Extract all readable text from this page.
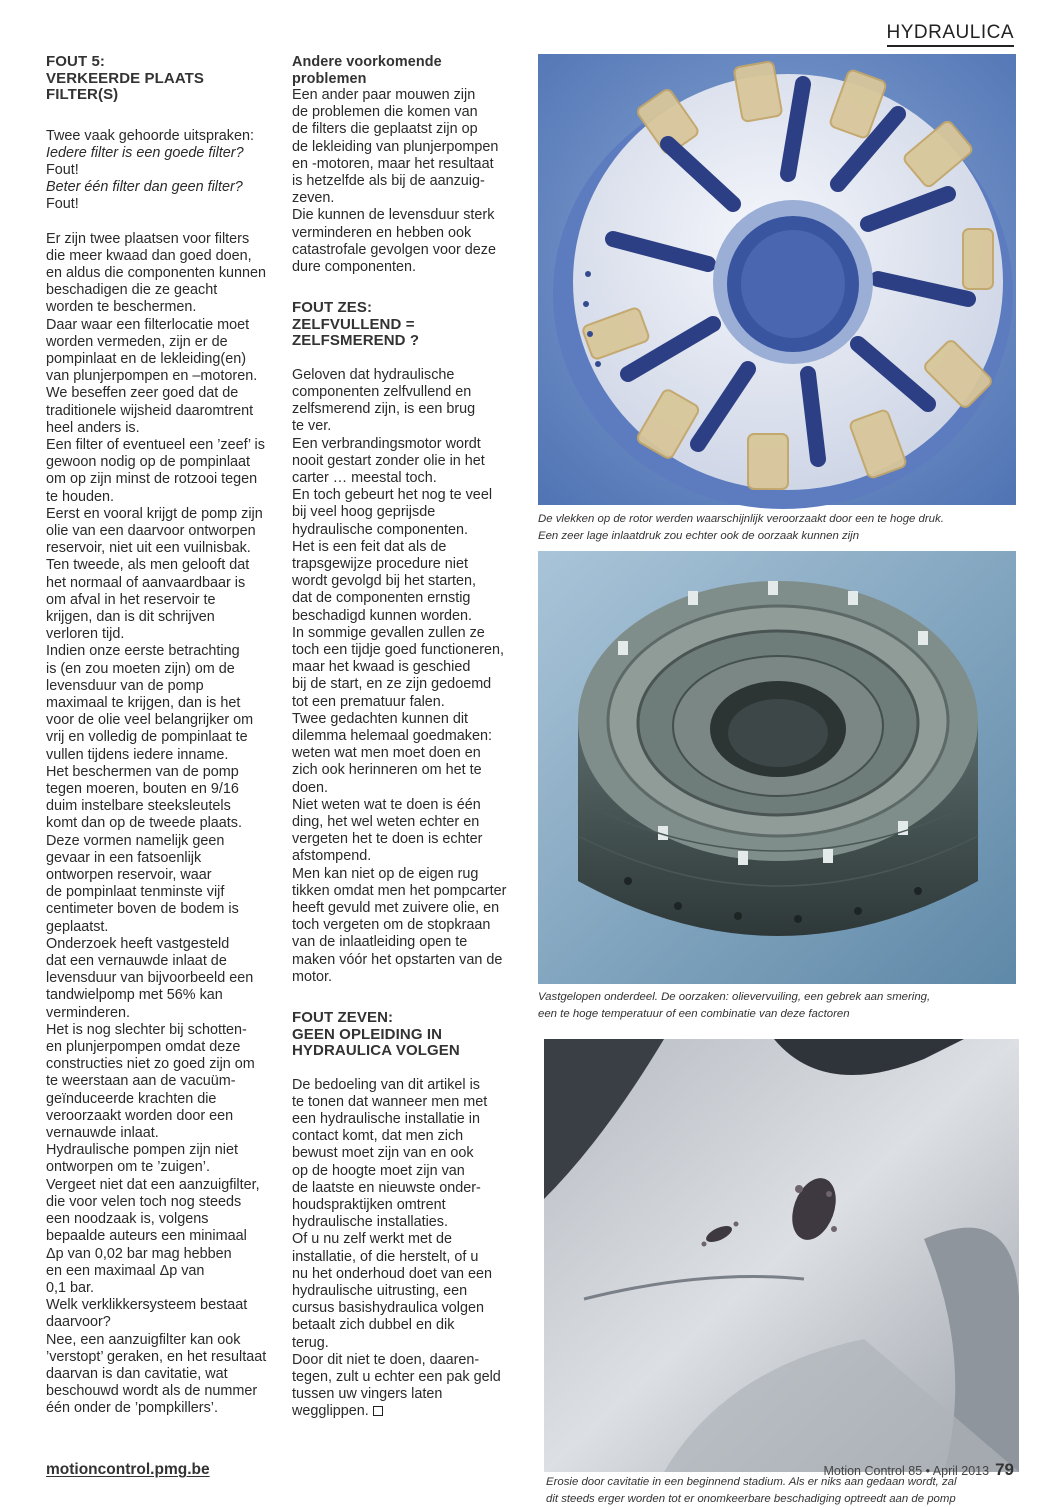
HYDRAULICA
FOUT 5:
VERKEERDE PLAATS
FILTER(S)
Twee vaak gehoorde uitspraken:
Iedere filter is een goede filter?
Fout!
Beter één filter dan geen filter?
Fout!
Er zijn twee plaatsen voor filters
die meer kwaad dan goed doen,
en aldus die componenten kunnen
beschadigen die ze geacht
worden te beschermen.
Daar waar een filterlocatie moet
worden vermeden, zijn er de
pompinlaat en de lekleiding(en)
van plunjerpompen en –motoren.
We beseffen zeer goed dat de
traditionele wijsheid daaromtrent
heel anders is.
Een filter of eventueel een ’zeef’ is
gewoon nodig op de pompinlaat
om op zijn minst de rotzooi tegen
te houden.
Eerst en vooral krijgt de pomp zijn
olie van een daarvoor ontworpen
reservoir, niet uit een vuilnisbak.
Ten tweede, als men gelooft dat
het normaal of aanvaardbaar is
om afval in het reservoir te
krijgen, dan is dit schrijven
verloren tijd.
Indien onze eerste betrachting
is (en zou moeten zijn) om de
levensduur van de pomp
maximaal te krijgen, dan is het
voor de olie veel belangrijker om
vrij en volledig de pompinlaat te
vullen tijdens iedere inname.
Het beschermen van de pomp
tegen moeren, bouten en 9/16
duim instelbare steeksleutels
komt dan op de tweede plaats.
Deze vormen namelijk geen
gevaar in een fatsoenlijk
ontworpen reservoir, waar
de pompinlaat tenminste vijf
centimeter boven de bodem is
geplaatst.
Onderzoek heeft vastgesteld
dat een vernauwde inlaat de
levensduur van bijvoorbeeld een
tandwielpomp met 56% kan
verminderen.
Het is nog slechter bij schotten-
en plunjerpompen omdat deze
constructies niet zo goed zijn om
te weerstaan aan de vacuüm-
geïnduceerde krachten die
veroorzaakt worden door een
vernauwde inlaat.
Hydraulische pompen zijn niet
ontworpen om te ’zuigen’.
Vergeet niet dat een aanzuigfilter,
die voor velen toch nog steeds
een noodzaak is, volgens
bepaalde auteurs een minimaal
Δp van 0,02 bar mag hebben
en een maximaal Δp van
0,1 bar.
Welk verklikkersysteem bestaat
daarvoor?
Nee, een aanzuigfilter kan ook
’verstopt’ geraken, en het resultaat
daarvan is dan cavitatie, wat
beschouwd wordt als de nummer
één onder de ’pompkillers’.
Andere voorkomende
problemen
Een ander paar mouwen zijn
de problemen die komen van
de filters die geplaatst zijn op
de lekleiding van plunjerpompen
en -motoren, maar het resultaat
is hetzelfde als bij de aanzuig-
zeven.
Die kunnen de levensduur sterk
verminderen en hebben ook
catastrofale gevolgen voor deze
dure componenten.
FOUT ZES:
ZELFVULLEND =
ZELFSMEREND ?
Geloven dat hydraulische
componenten zelfvullend en
zelfsmerend zijn, is een brug
te ver.
Een verbrandingsmotor wordt
nooit gestart zonder olie in het
carter … meestal toch.
En toch gebeurt het nog te veel
bij veel hoog geprijsde
hydraulische componenten.
Het is een feit dat als de
trapsgewijze procedure niet
wordt gevolgd bij het starten,
dat de componenten ernstig
beschadigd kunnen worden.
In sommige gevallen zullen ze
toch een tijdje goed functioneren,
maar het kwaad is geschied
bij de start, en ze zijn gedoemd
tot een prematuur falen.
Twee gedachten kunnen dit
dilemma helemaal goedmaken:
weten wat men moet doen en
zich ook herinneren om het te
doen.
Niet weten wat te doen is één
ding, het wel weten echter en
vergeten het te doen is echter
afstompend.
Men kan niet op de eigen rug
tikken omdat men het pompcarter
heeft gevuld met zuivere olie, en
toch vergeten om de stopkraan
van de inlaatleiding open te
maken vóór het opstarten van de
motor.
FOUT ZEVEN:
GEEN OPLEIDING IN
HYDRAULICA VOLGEN
De bedoeling van dit artikel is
te tonen dat wanneer men met
een hydraulische installatie in
contact komt, dat men zich
bewust moet zijn van en ook
op de hoogte moet zijn van
de laatste en nieuwste onder-
houdspraktijken omtrent
hydraulische installaties.
Of u nu zelf werkt met de
installatie, of die herstelt, of u
nu het onderhoud doet van een
hydraulische uitrusting, een
cursus basishydraulica volgen
betaalt zich dubbel en dik
terug.
Door dit niet te doen, daaren-
tegen, zult u echter een pak geld
tussen uw vingers laten
wegglippen.
De vlekken op de rotor werden waarschijnlijk veroorzaakt door een te hoge druk.
Een zeer lage inlaatdruk zou echter ook de oorzaak kunnen zijn
Vastgelopen onderdeel. De oorzaken: olievervuiling, een gebrek aan smering,
een te hoge temperatuur of een combinatie van deze factoren
Erosie door cavitatie in een beginnend stadium. Als er niks aan gedaan wordt, zal
dit steeds erger worden tot er onomkeerbare beschadiging optreedt aan de pomp
motioncontrol.pmg.be	Motion Control 85 • April 2013 79
